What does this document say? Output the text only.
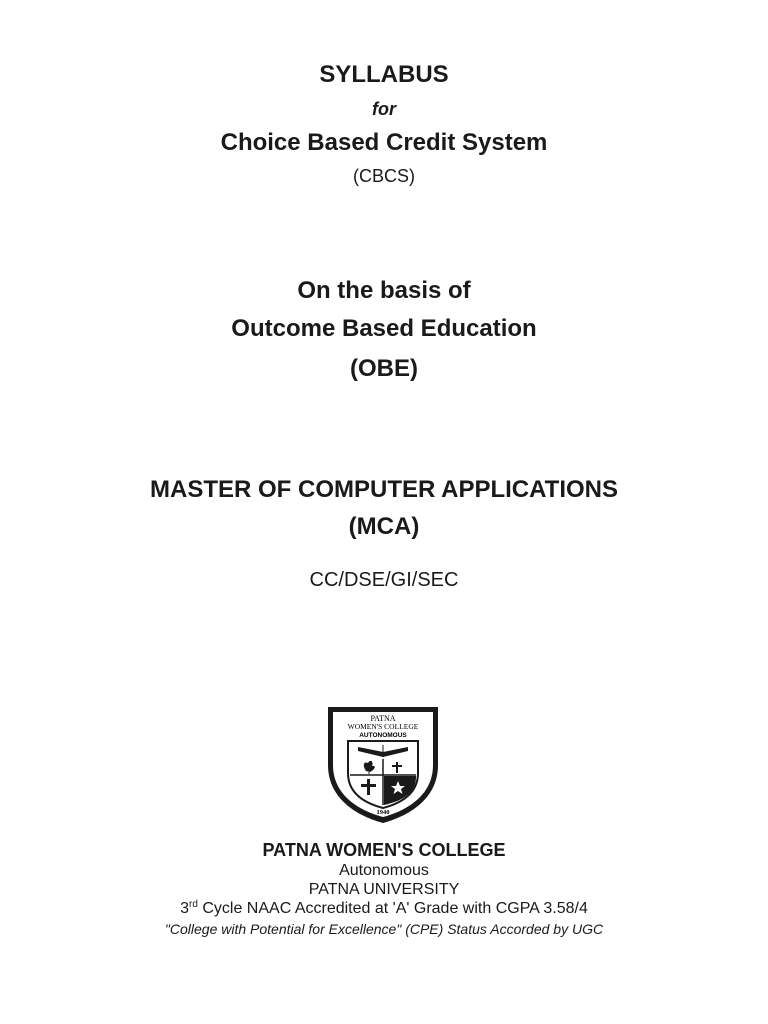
SYLLABUS
for
Choice Based Credit System
(CBCS)
On the basis of
Outcome Based Education
(OBE)
MASTER OF COMPUTER APPLICATIONS
(MCA)
CC/DSE/GI/SEC
PATNA
WOMEN'S COLLEGE
AUTONOMOUS
1940
PATNA WOMEN'S COLLEGE
Autonomous
PATNA UNIVERSITY
3rd Cycle NAAC Accredited at 'A' Grade with CGPA 3.58/4
"College with Potential for Excellence" (CPE) Status Accorded by UGC
